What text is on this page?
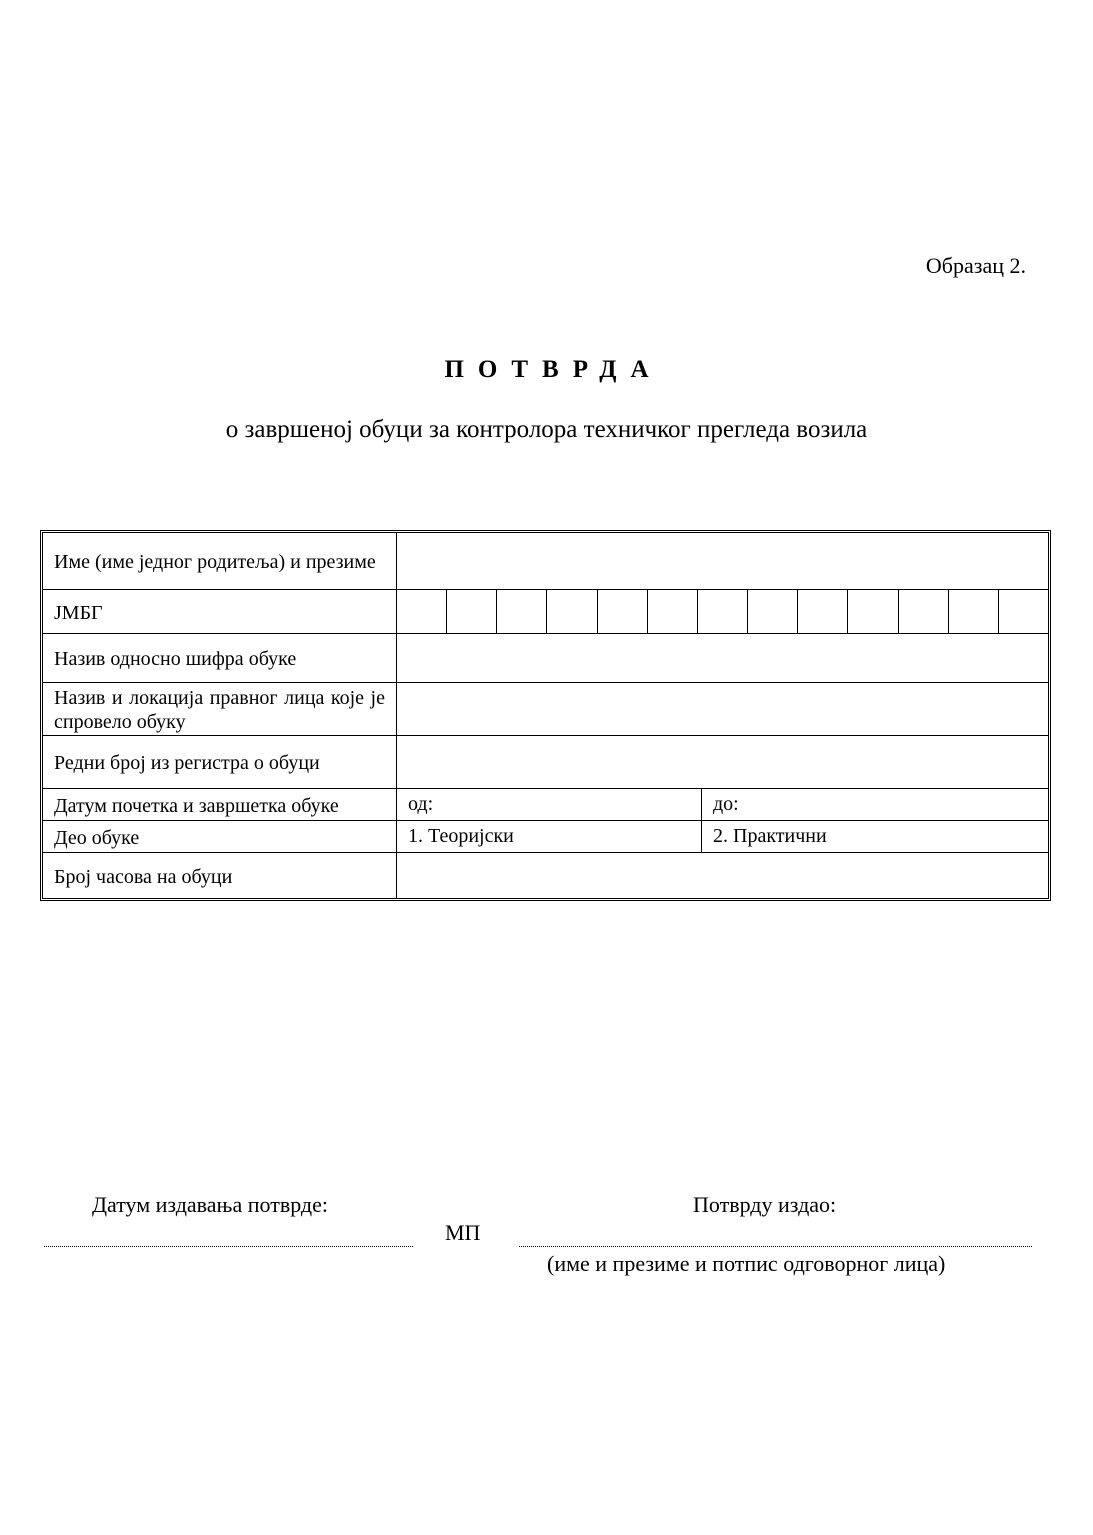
Образац 2.
ПОТВРДА
о завршеној обуци за контролора техничког прегледа возила
Име (име једног родитеља) и презиме
ЈМБГ
Назив односно шифра обуке
Назив и локација правног лица које је спровело обуку
Редни број из регистра о обуци
Датум почетка и завршетка обуке	од:	до:
Део обуке	1. Теоријски	2. Практични
Број часова на обуци
Датум издавања потврде:	Потврду издао:
МП
(име и презиме и потпис одговорног лица)
